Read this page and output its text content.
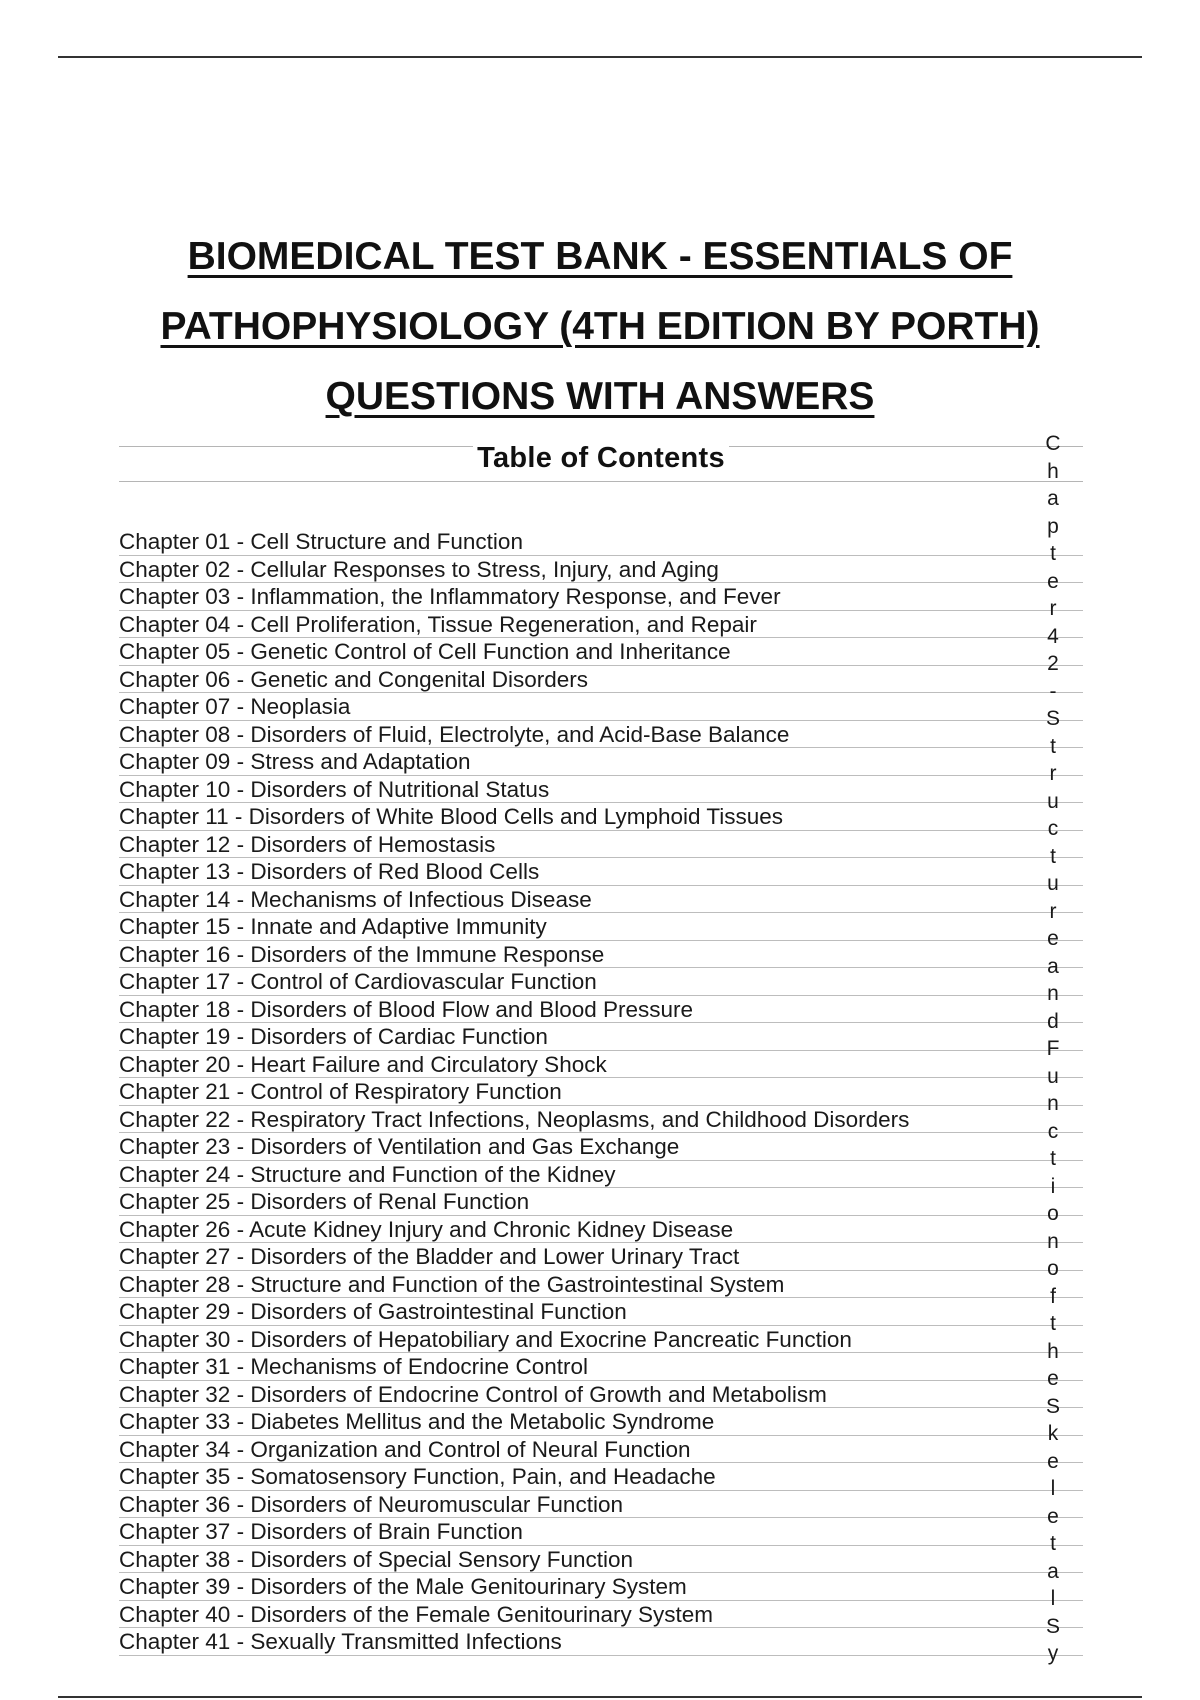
BIOMEDICAL TEST BANK - ESSENTIALS OF
PATHOPHYSIOLOGY (4TH EDITION BY PORTH)
QUESTIONS WITH ANSWERS
Table of Contents
Chapter 01 - Cell Structure and Function
Chapter 02 - Cellular Responses to Stress, Injury, and Aging
Chapter 03 - Inflammation, the Inflammatory Response, and Fever
Chapter 04 - Cell Proliferation, Tissue Regeneration, and Repair
Chapter 05 - Genetic Control of Cell Function and Inheritance
Chapter 06 - Genetic and Congenital Disorders
Chapter 07 - Neoplasia
Chapter 08 - Disorders of Fluid, Electrolyte, and Acid-Base Balance
Chapter 09 - Stress and Adaptation
Chapter 10 - Disorders of Nutritional Status
Chapter 11 - Disorders of White Blood Cells and Lymphoid Tissues
Chapter 12 - Disorders of Hemostasis
Chapter 13 - Disorders of Red Blood Cells
Chapter 14 - Mechanisms of Infectious Disease
Chapter 15 - Innate and Adaptive Immunity
Chapter 16 - Disorders of the Immune Response
Chapter 17 - Control of Cardiovascular Function
Chapter 18 - Disorders of Blood Flow and Blood Pressure
Chapter 19 - Disorders of Cardiac Function
Chapter 20 - Heart Failure and Circulatory Shock
Chapter 21 - Control of Respiratory Function
Chapter 22 - Respiratory Tract Infections, Neoplasms, and Childhood Disorders
Chapter 23 - Disorders of Ventilation and Gas Exchange
Chapter 24 - Structure and Function of the Kidney
Chapter 25 - Disorders of Renal Function
Chapter 26 - Acute Kidney Injury and Chronic Kidney Disease
Chapter 27 - Disorders of the Bladder and Lower Urinary Tract
Chapter 28 - Structure and Function of the Gastrointestinal System
Chapter 29 - Disorders of Gastrointestinal Function
Chapter 30 - Disorders of Hepatobiliary and Exocrine Pancreatic Function
Chapter 31 - Mechanisms of Endocrine Control
Chapter 32 - Disorders of Endocrine Control of Growth and Metabolism
Chapter 33 - Diabetes Mellitus and the Metabolic Syndrome
Chapter 34 - Organization and Control of Neural Function
Chapter 35 - Somatosensory Function, Pain, and Headache
Chapter 36 - Disorders of Neuromuscular Function
Chapter 37 - Disorders of Brain Function
Chapter 38 - Disorders of Special Sensory Function
Chapter 39 - Disorders of the Male Genitourinary System
Chapter 40 - Disorders of the Female Genitourinary System
Chapter 41 - Sexually Transmitted Infections
C
h
a
p
t
e
r
4
2
-
S
t
r
u
c
t
u
r
e
a
n
d
F
u
n
c
t
i
o
n
o
f
t
h
e
S
k
e
l
e
t
a
l
S
y
